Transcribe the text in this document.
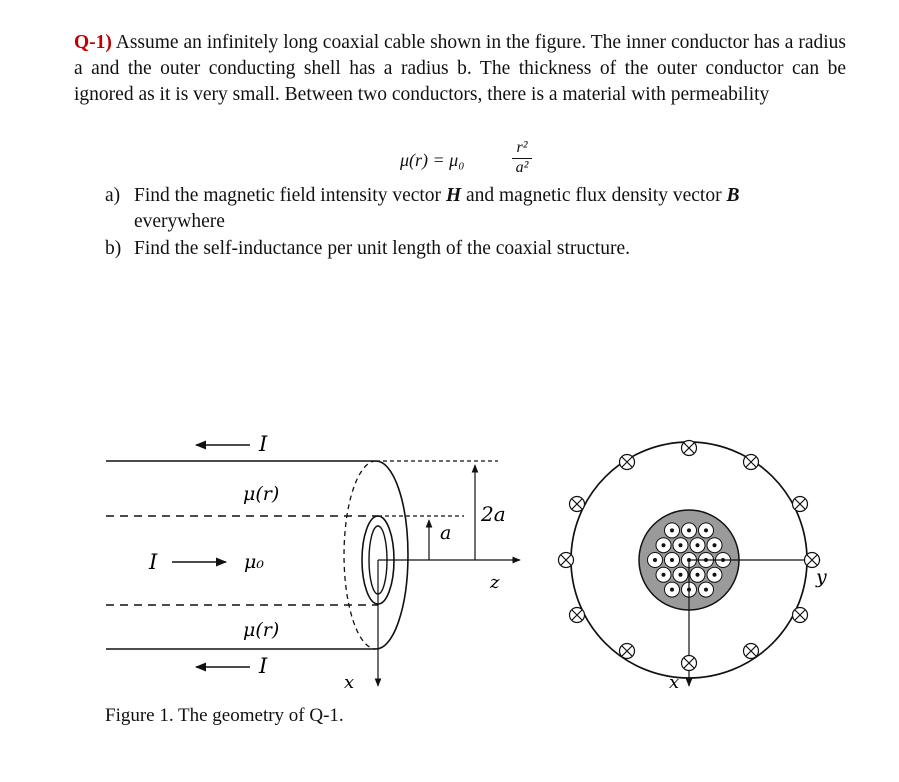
Q-1) Assume an infinitely long coaxial cable shown in the figure. The inner conductor has a radius a and the outer conducting shell has a radius b. The thickness of the outer conductor can be ignored as it is very small. Between two conductors, there is a material with permeability
μ(r) = μ₀
r²
a²
a) Find the magnetic field intensity vector H and magnetic flux density vector B everywhere
b) Find the self-inductance per unit length of the coaxial structure.
I
μ(r)
I	μ₀
μ(r)
I
x
a
2a
z	y
x
Figure 1. The geometry of Q-1.
